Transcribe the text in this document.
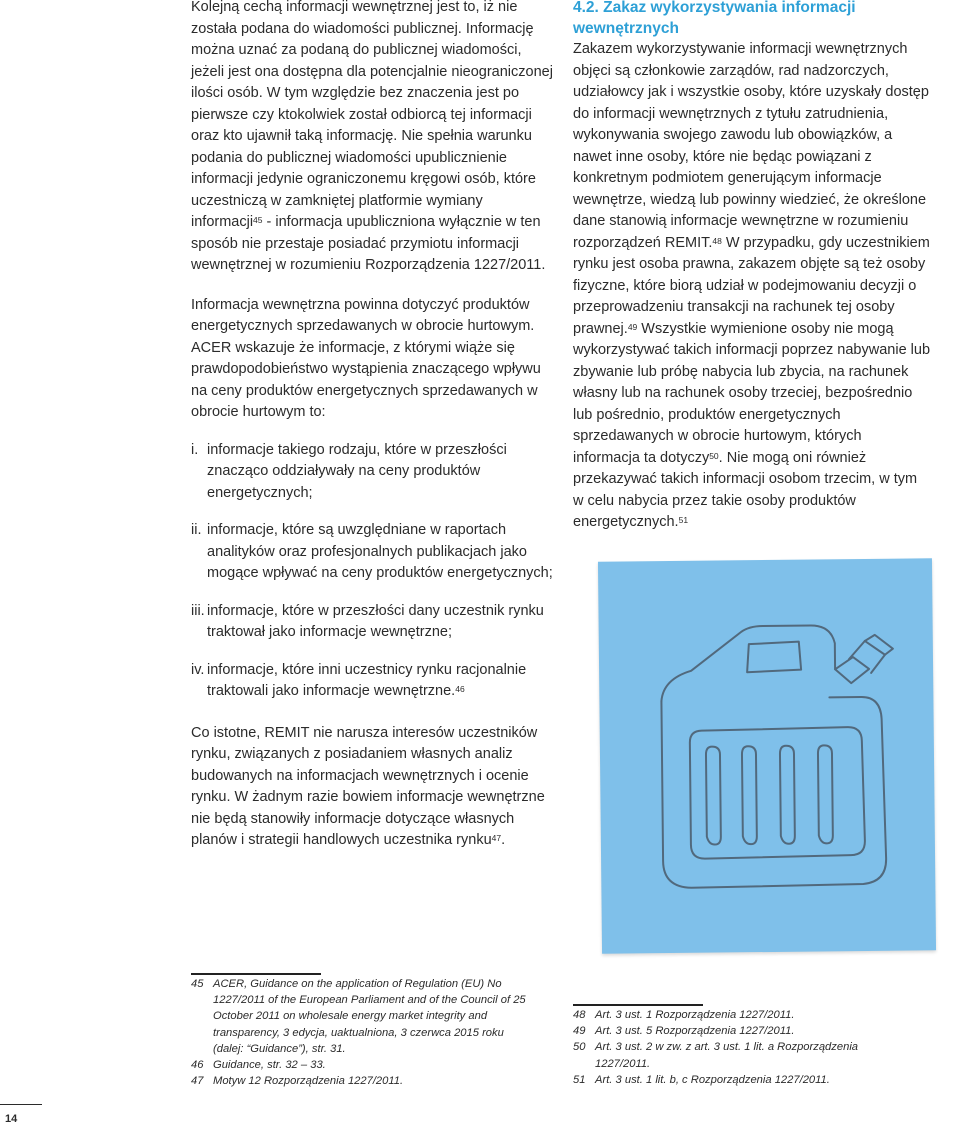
Kolejną cechą informacji wewnętrznej jest to, iż nie została podana do wiadomości publicznej. Informację można uznać za podaną do publicznej wiadomości, jeżeli jest ona dostępna dla potencjalnie nieograniczonej ilości osób. W tym względzie bez znaczenia jest po pierwsze czy ktokolwiek został odbiorcą tej informacji oraz kto ujawnił taką informację. Nie spełnia warunku podania do publicznej wiadomości upublicznienie informacji jedynie ograniczonemu kręgowi osób, które uczestniczą w zamkniętej platformie wymiany informacji$^{45}$ - informacja upubliczniona wyłącznie w ten sposób nie przestaje posiadać przymiotu informacji wewnętrznej w rozumieniu Rozporządzenia 1227/2011.

Informacja wewnętrzna powinna dotyczyć produktów energetycznych sprzedawanych w obrocie hurtowym. ACER wskazuje że informacje, z którymi wiąże się prawdopodobieństwo wystąpienia znaczącego wpływu na ceny produktów energetycznych sprzedawanych w obrocie hurtowym to:

i. informacje takiego rodzaju, które w przeszłości znacząco oddziaływały na ceny produktów energetycznych;
ii. informacje, które są uwzględniane w raportach analityków oraz profesjonalnych publikacjach jako mogące wpływać na ceny produktów energetycznych;
iii. informacje, które w przeszłości dany uczestnik rynku traktował jako informacje wewnętrzne;
iv. informacje, które inni uczestnicy rynku racjonalnie traktowali jako informacje wewnętrzne.$^{46}$

Co istotne, REMIT nie narusza interesów uczestników rynku, związanych z posiadaniem własnych analiz budowanych na informacjach wewnętrznych i ocenie rynku. W żadnym razie bowiem informacje wewnętrzne nie będą stanowiły informacje dotyczące własnych planów i strategii handlowych uczestnika rynku$^{47}$.

4.2. Zakaz wykorzystywania informacji wewnętrznych

Zakazem wykorzystywanie informacji wewnętrznych objęci są członkowie zarządów, rad nadzorczych, udziałowcy jak i wszystkie osoby, które uzyskały dostęp do informacji wewnętrznych z tytułu zatrudnienia, wykonywania swojego zawodu lub obowiązków, a nawet inne osoby, które nie będąc powiązani z konkretnym podmiotem generującym informacje wewnętrze, wiedzą lub powinny wiedzieć, że określone dane stanowią informacje wewnętrzne w rozumieniu rozporządzeń REMIT.$^{48}$ W przypadku, gdy uczestnikiem rynku jest osoba prawna, zakazem objęte są też osoby fizyczne, które biorą udział w podejmowaniu decyzji o przeprowadzeniu transakcji na rachunek tej osoby prawnej.$^{49}$ Wszystkie wymienione osoby nie mogą wykorzystywać takich informacji poprzez nabywanie lub zbywanie lub próbę nabycia lub zbycia, na rachunek własny lub na rachunek osoby trzeciej, bezpośrednio lub pośrednio, produktów energetycznych sprzedawanych w obrocie hurtowym, których informacja ta dotyczy$^{50}$. Nie mogą oni również przekazywać takich informacji osobom trzecim, w tym w celu nabycia przez takie osoby produktów energetycznych.$^{51}$

45 ACER, Guidance on the application of Regulation (EU) No 1227/2011 of the European Parliament and of the Council of 25 October 2011 on wholesale energy market integrity and transparency, 3 edycja, uaktualniona, 3 czerwca 2015 roku (dalej: “Guidance”), str. 31.
46 Guidance, str. 32 – 33.
47 Motyw 12 Rozporządzenia 1227/2011.
48 Art. 3 ust. 1 Rozporządzenia 1227/2011.
49 Art. 3 ust. 5 Rozporządzenia 1227/2011.
50 Art. 3 ust. 2 w zw. z art. 3 ust. 1 lit. a Rozporządzenia 1227/2011.
51 Art. 3 ust. 1 lit. b, c Rozporządzenia 1227/2011.
14
